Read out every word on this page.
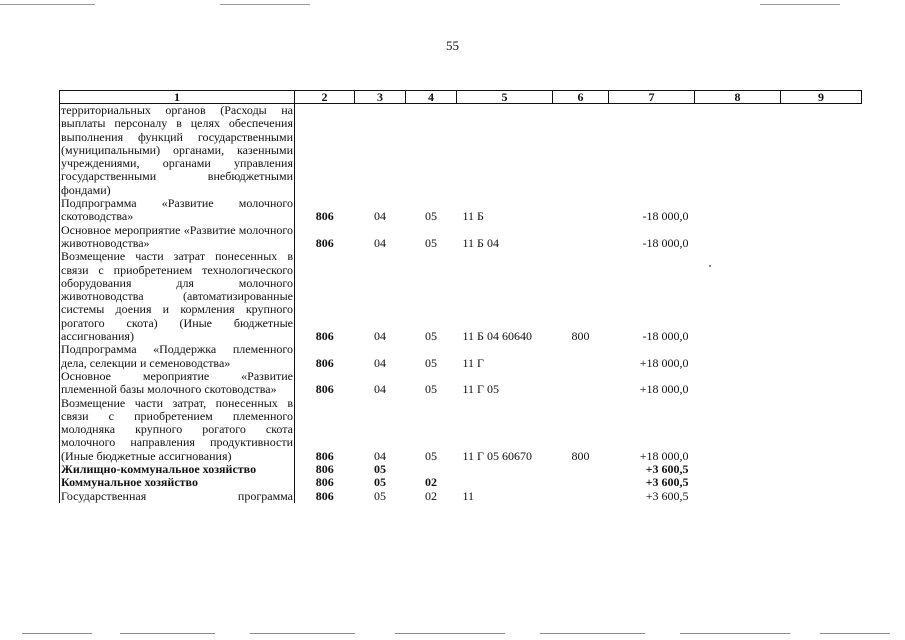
55
1	2	3	4	5	6	7	8	9
территориальных органов (Расходы на выплаты персоналу в целях обеспечения выполнения функций государственными (муниципальными) органами, казенными учреждениями, органами управления государственными внебюджетными фондами)								
Подпрограмма «Развитие молочного скотоводства»	806	04	05	11 Б		-18 000,0		
Основное мероприятие «Развитие молочного животноводства»	806	04	05	11 Б 04		-18 000,0		
Возмещение части затрат понесенных в связи с приобретением технологического оборудования для молочного животноводства (автоматизированные системы доения и кормления крупного рогатого скота) (Иные бюджетные ассигнования)	806	04	05	11 Б 04 60640	800	-18 000,0		
Подпрограмма «Поддержка племенного дела, селекции и семеноводства»	806	04	05	11 Г		+18 000,0		
Основное мероприятие «Развитие племенной базы молочного скотоводства»	806	04	05	11 Г 05		+18 000,0		
Возмещение части затрат, понесенных в связи с приобретением племенного молодняка крупного рогатого скота молочного направления продуктивности (Иные бюджетные ассигнования)	806	04	05	11 Г 05 60670	800	+18 000,0		
Жилищно-коммунальное хозяйство	806	05				+3 600,5		
Коммунальное хозяйство	806	05	02			+3 600,5		
Государственная программа	806	05	02	11		+3 600,5		
